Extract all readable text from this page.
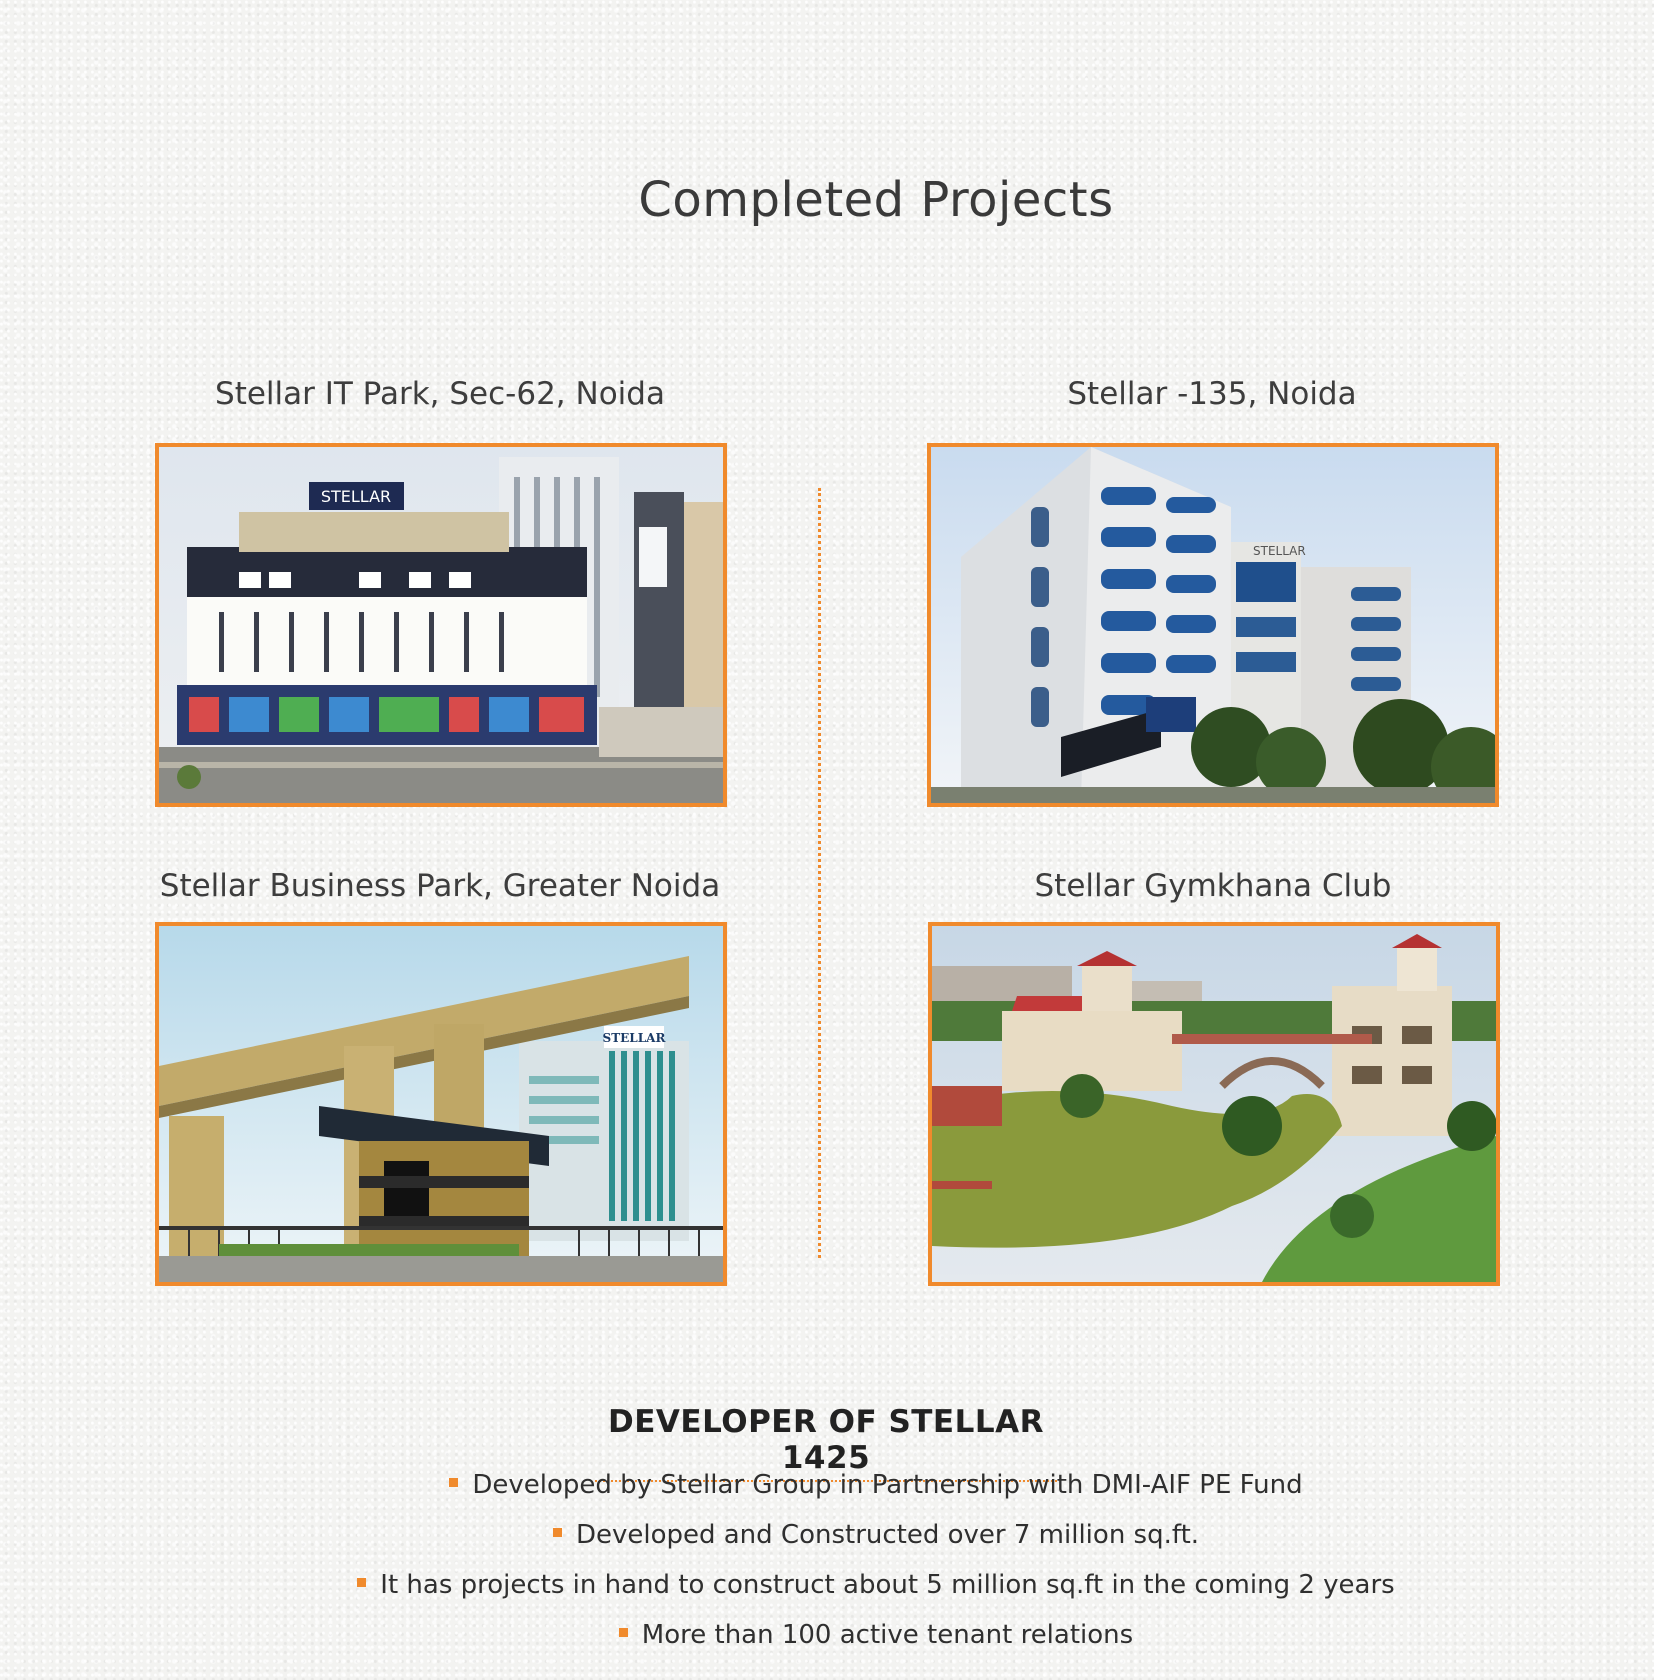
Completed Projects

Stellar IT Park, Sec-62, Noida

STELLAR

Stellar -135, Noida

STELLAR

Stellar Business Park, Greater Noida

STELLAR

Stellar Gymkhana Club

DEVELOPER OF STELLAR 1425
Developed by Stellar Group in Partnership with DMI-AIF PE Fund
Developed and Constructed over 7 million sq.ft.
It has projects in hand to construct about 5 million sq.ft in the coming 2 years
More than 100 active tenant relations
